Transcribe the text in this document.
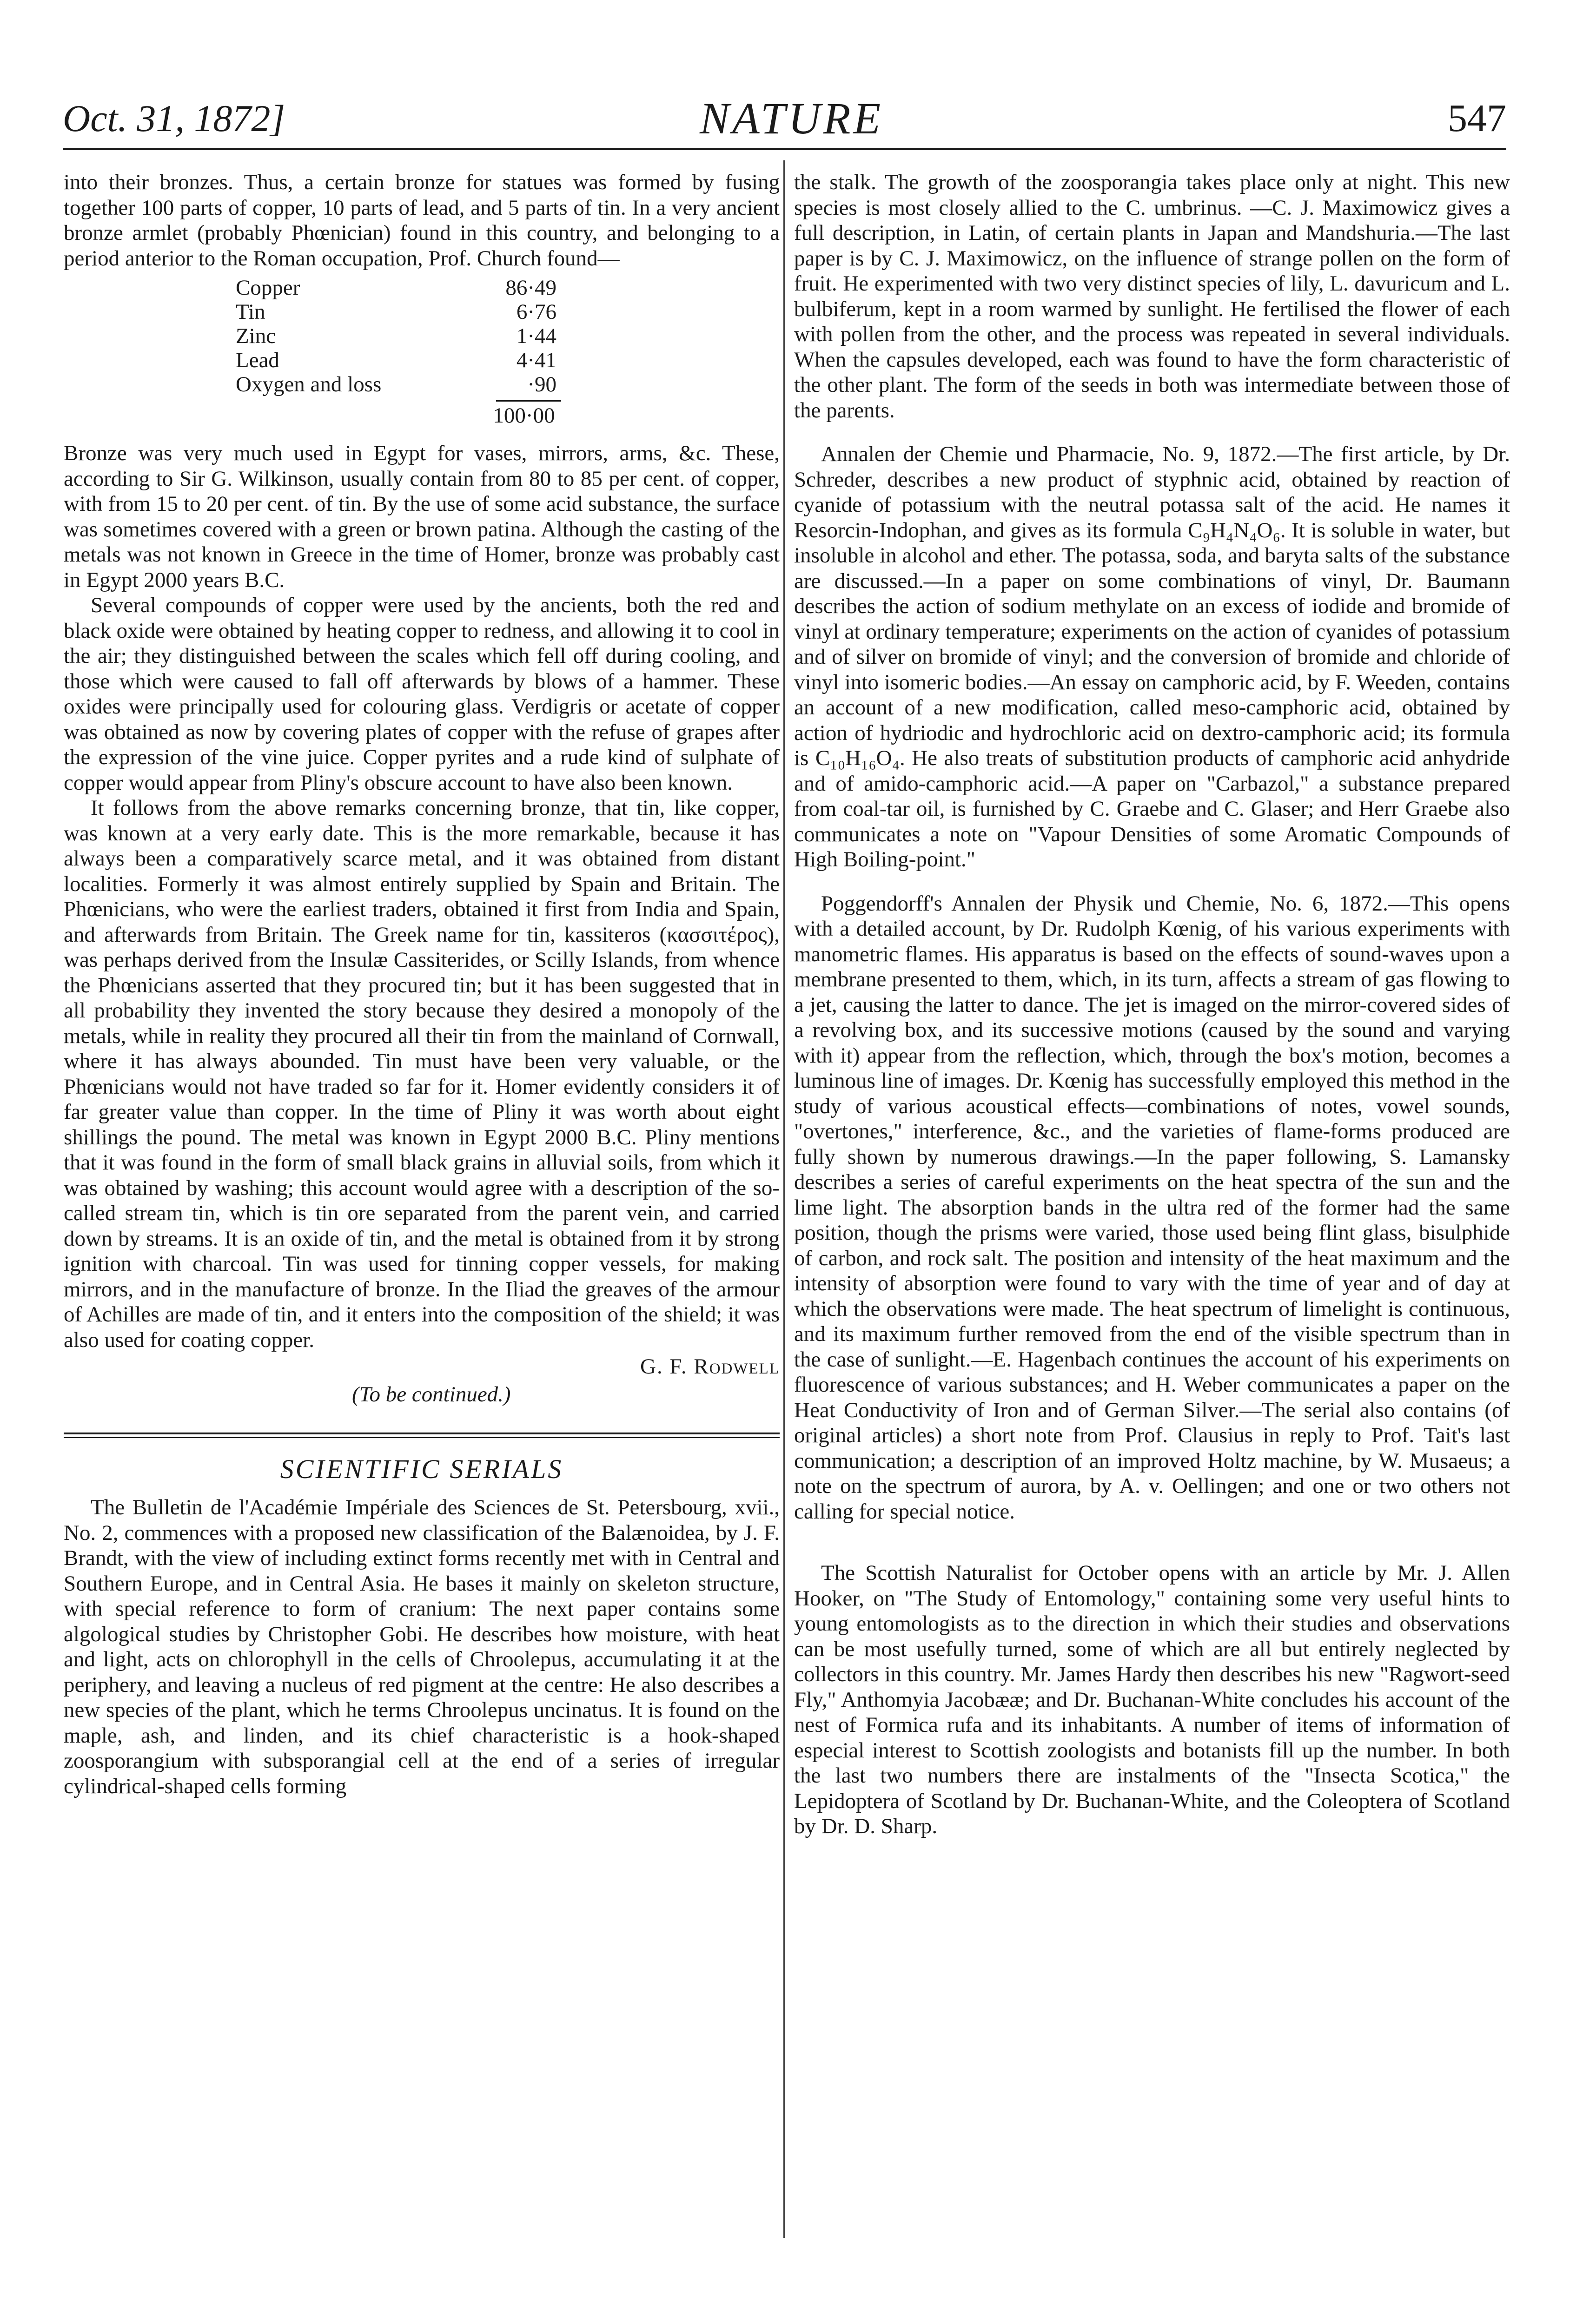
NATURE
Oct. 31, 1872]	547

into their bronzes. Thus, a certain bronze for statues was formed by fusing together 100 parts of copper, 10 parts of lead, and 5 parts of tin. In a very ancient bronze armlet (probably Phœnician) found in this country, and belonging to a period anterior to the Roman occupation, Prof. Church found—

Copper	86·49
Tin	6·76
Zinc	1·44
Lead	4·41
Oxygen and loss	·90
100·00

Bronze was very much used in Egypt for vases, mirrors, arms, &c. These, according to Sir G. Wilkinson, usually contain from 80 to 85 per cent. of copper, with from 15 to 20 per cent. of tin. By the use of some acid substance, the surface was sometimes covered with a green or brown patina. Although the casting of the metals was not known in Greece in the time of Homer, bronze was probably cast in Egypt 2000 years B.C.

Several compounds of copper were used by the ancients, both the red and black oxide were obtained by heating copper to redness, and allowing it to cool in the air; they distinguished between the scales which fell off during cooling, and those which were caused to fall off afterwards by blows of a hammer. These oxides were principally used for colouring glass. Verdigris or acetate of copper was obtained as now by covering plates of copper with the refuse of grapes after the expression of the vine juice. Copper pyrites and a rude kind of sulphate of copper would appear from Pliny's obscure account to have also been known.

It follows from the above remarks concerning bronze, that tin, like copper, was known at a very early date. This is the more remarkable, because it has always been a comparatively scarce metal, and it was obtained from distant localities. Formerly it was almost entirely supplied by Spain and Britain. The Phœnicians, who were the earliest traders, obtained it first from India and Spain, and afterwards from Britain. The Greek name for tin, kassiteros (κασσιτέρος), was perhaps derived from the Insulæ Cassiterides, or Scilly Islands, from whence the Phœnicians asserted that they procured tin; but it has been suggested that in all probability they invented the story because they desired a monopoly of the metals, while in reality they procured all their tin from the mainland of Cornwall, where it has always abounded. Tin must have been very valuable, or the Phœnicians would not have traded so far for it. Homer evidently considers it of far greater value than copper. In the time of Pliny it was worth about eight shillings the pound. The metal was known in Egypt 2000 B.C. Pliny mentions that it was found in the form of small black grains in alluvial soils, from which it was obtained by washing; this account would agree with a description of the so-called stream tin, which is tin ore separated from the parent vein, and carried down by streams. It is an oxide of tin, and the metal is obtained from it by strong ignition with charcoal. Tin was used for tinning copper vessels, for making mirrors, and in the manufacture of bronze. In the Iliad the greaves of the armour of Achilles are made of tin, and it enters into the composition of the shield; it was also used for coating copper.

G. F. Rodwell
(To be continued.)
SCIENTIFIC SERIALS

The Bulletin de l'Académie Impériale des Sciences de St. Petersbourg, xvii., No. 2, commences with a proposed new classification of the Balænoidea, by J. F. Brandt, with the view of including extinct forms recently met with in Central and Southern Europe, and in Central Asia. He bases it mainly on skeleton structure, with special reference to form of cranium: The next paper contains some algological studies by Christopher Gobi. He describes how moisture, with heat and light, acts on chlorophyll in the cells of Chroolepus, accumulating it at the periphery, and leaving a nucleus of red pigment at the centre: He also describes a new species of the plant, which he terms Chroolepus uncinatus. It is found on the maple, ash, and linden, and its chief characteristic is a hook-shaped zoosporangium with subsporangial cell at the end of a series of irregular cylindrical-shaped cells forming

the stalk. The growth of the zoosporangia takes place only at night. This new species is most closely allied to the C. umbrinus. —C. J. Maximowicz gives a full description, in Latin, of certain plants in Japan and Mandshuria.—The last paper is by C. J. Maximowicz, on the influence of strange pollen on the form of fruit. He experimented with two very distinct species of lily, L. davuricum and L. bulbiferum, kept in a room warmed by sunlight. He fertilised the flower of each with pollen from the other, and the process was repeated in several individuals. When the capsules developed, each was found to have the form characteristic of the other plant. The form of the seeds in both was intermediate between those of the parents.

Annalen der Chemie und Pharmacie, No. 9, 1872.—The first article, by Dr. Schreder, describes a new product of styphnic acid, obtained by reaction of cyanide of potassium with the neutral potassa salt of the acid. He names it Resorcin-Indophan, and gives as its formula C₉H₄N₄O₆. It is soluble in water, but insoluble in alcohol and ether. The potassa, soda, and baryta salts of the substance are discussed.—In a paper on some combinations of vinyl, Dr. Baumann describes the action of sodium methylate on an excess of iodide and bromide of vinyl at ordinary temperature; experiments on the action of cyanides of potassium and of silver on bromide of vinyl; and the conversion of bromide and chloride of vinyl into isomeric bodies.—An essay on camphoric acid, by F. Weeden, contains an account of a new modification, called meso-camphoric acid, obtained by action of hydriodic and hydrochloric acid on dextro-camphoric acid; its formula is C₁₀H₁₆O₄. He also treats of substitution products of camphoric acid anhydride and of amido-camphoric acid.—A paper on "Carbazol," a substance prepared from coal-tar oil, is furnished by C. Graebe and C. Glaser; and Herr Graebe also communicates a note on "Vapour Densities of some Aromatic Compounds of High Boiling-point."

Poggendorff's Annalen der Physik und Chemie, No. 6, 1872.—This opens with a detailed account, by Dr. Rudolph Kœnig, of his various experiments with manometric flames. His apparatus is based on the effects of sound-waves upon a membrane presented to them, which, in its turn, affects a stream of gas flowing to a jet, causing the latter to dance. The jet is imaged on the mirror-covered sides of a revolving box, and its successive motions (caused by the sound and varying with it) appear from the reflection, which, through the box's motion, becomes a luminous line of images. Dr. Kœnig has successfully employed this method in the study of various acoustical effects—combinations of notes, vowel sounds, "overtones," interference, &c., and the varieties of flame-forms produced are fully shown by numerous drawings.—In the paper following, S. Lamansky describes a series of careful experiments on the heat spectra of the sun and the lime light. The absorption bands in the ultra red of the former had the same position, though the prisms were varied, those used being flint glass, bisulphide of carbon, and rock salt. The position and intensity of the heat maximum and the intensity of absorption were found to vary with the time of year and of day at which the observations were made. The heat spectrum of limelight is continuous, and its maximum further removed from the end of the visible spectrum than in the case of sunlight.—E. Hagenbach continues the account of his experiments on fluorescence of various substances; and H. Weber communicates a paper on the Heat Conductivity of Iron and of German Silver.—The serial also contains (of original articles) a short note from Prof. Clausius in reply to Prof. Tait's last communication; a description of an improved Holtz machine, by W. Musaeus; a note on the spectrum of aurora, by A. v. Oellingen; and one or two others not calling for special notice.

The Scottish Naturalist for October opens with an article by Mr. J. Allen Hooker, on "The Study of Entomology," containing some very useful hints to young entomologists as to the direction in which their studies and observations can be most usefully turned, some of which are all but entirely neglected by collectors in this country. Mr. James Hardy then describes his new "Ragwort-seed Fly," Anthomyia Jacobææ; and Dr. Buchanan-White concludes his account of the nest of Formica rufa and its inhabitants. A number of items of information of especial interest to Scottish zoologists and botanists fill up the number. In both the last two numbers there are instalments of the "Insecta Scotica," the Lepidoptera of Scotland by Dr. Buchanan-White, and the Coleoptera of Scotland by Dr. D. Sharp.
